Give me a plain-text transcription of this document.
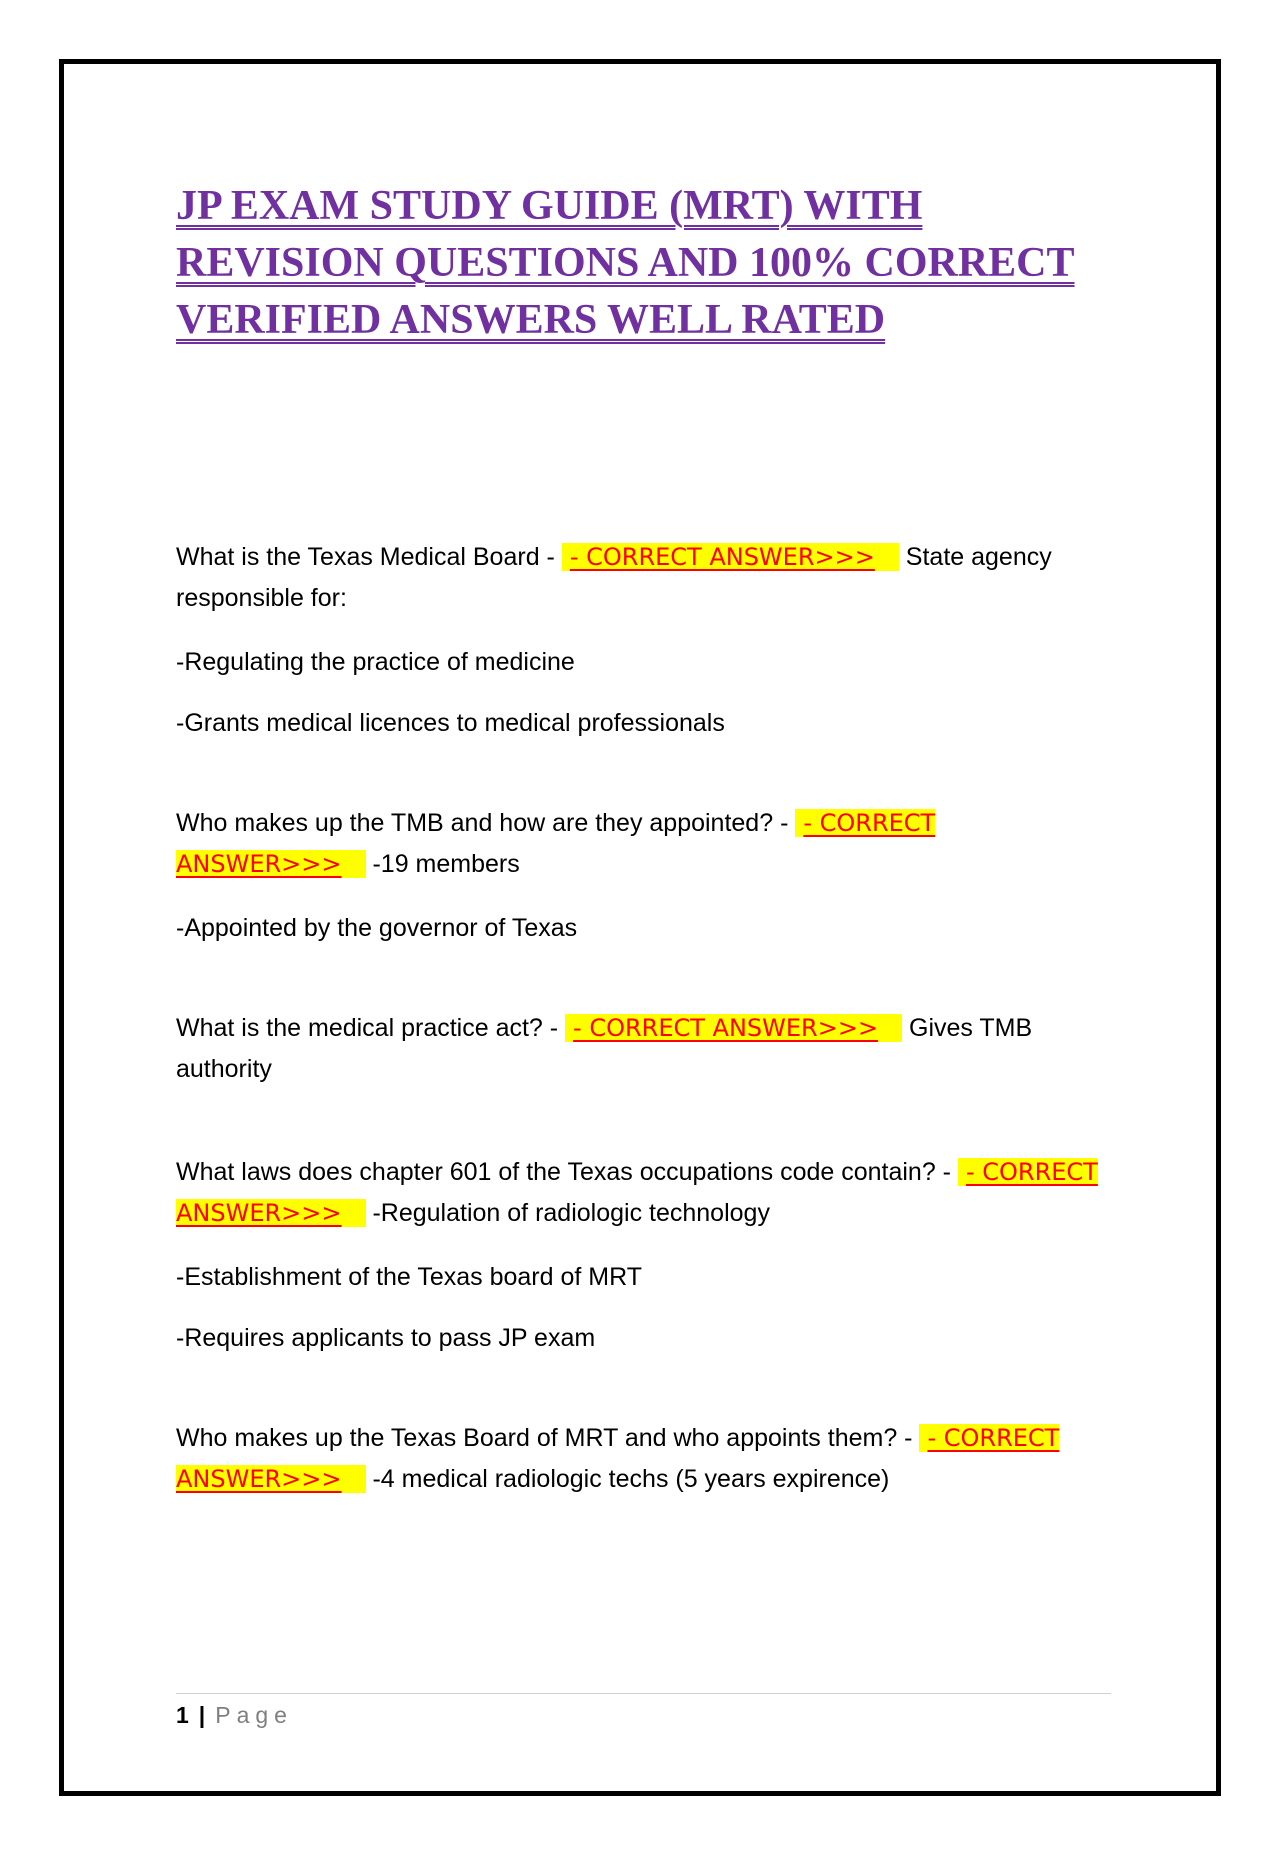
JP EXAM STUDY GUIDE (MRT) WITH REVISION QUESTIONS AND 100% CORRECT VERIFIED ANSWERS WELL RATED

What is the Texas Medical Board - - CORRECT ANSWER>>> State agency responsible for:

-Regulating the practice of medicine

-Grants medical licences to medical professionals

Who makes up the TMB and how are they appointed? - - CORRECT ANSWER>>> -19 members

-Appointed by the governor of Texas

What is the medical practice act? - - CORRECT ANSWER>>> Gives TMB authority

What laws does chapter 601 of the Texas occupations code contain? - - CORRECT ANSWER>>> -Regulation of radiologic technology

-Establishment of the Texas board of MRT

-Requires applicants to pass JP exam

Who makes up the Texas Board of MRT and who appoints them? - - CORRECT ANSWER>>> -4 medical radiologic techs (5 years expirence)

1 | Page
